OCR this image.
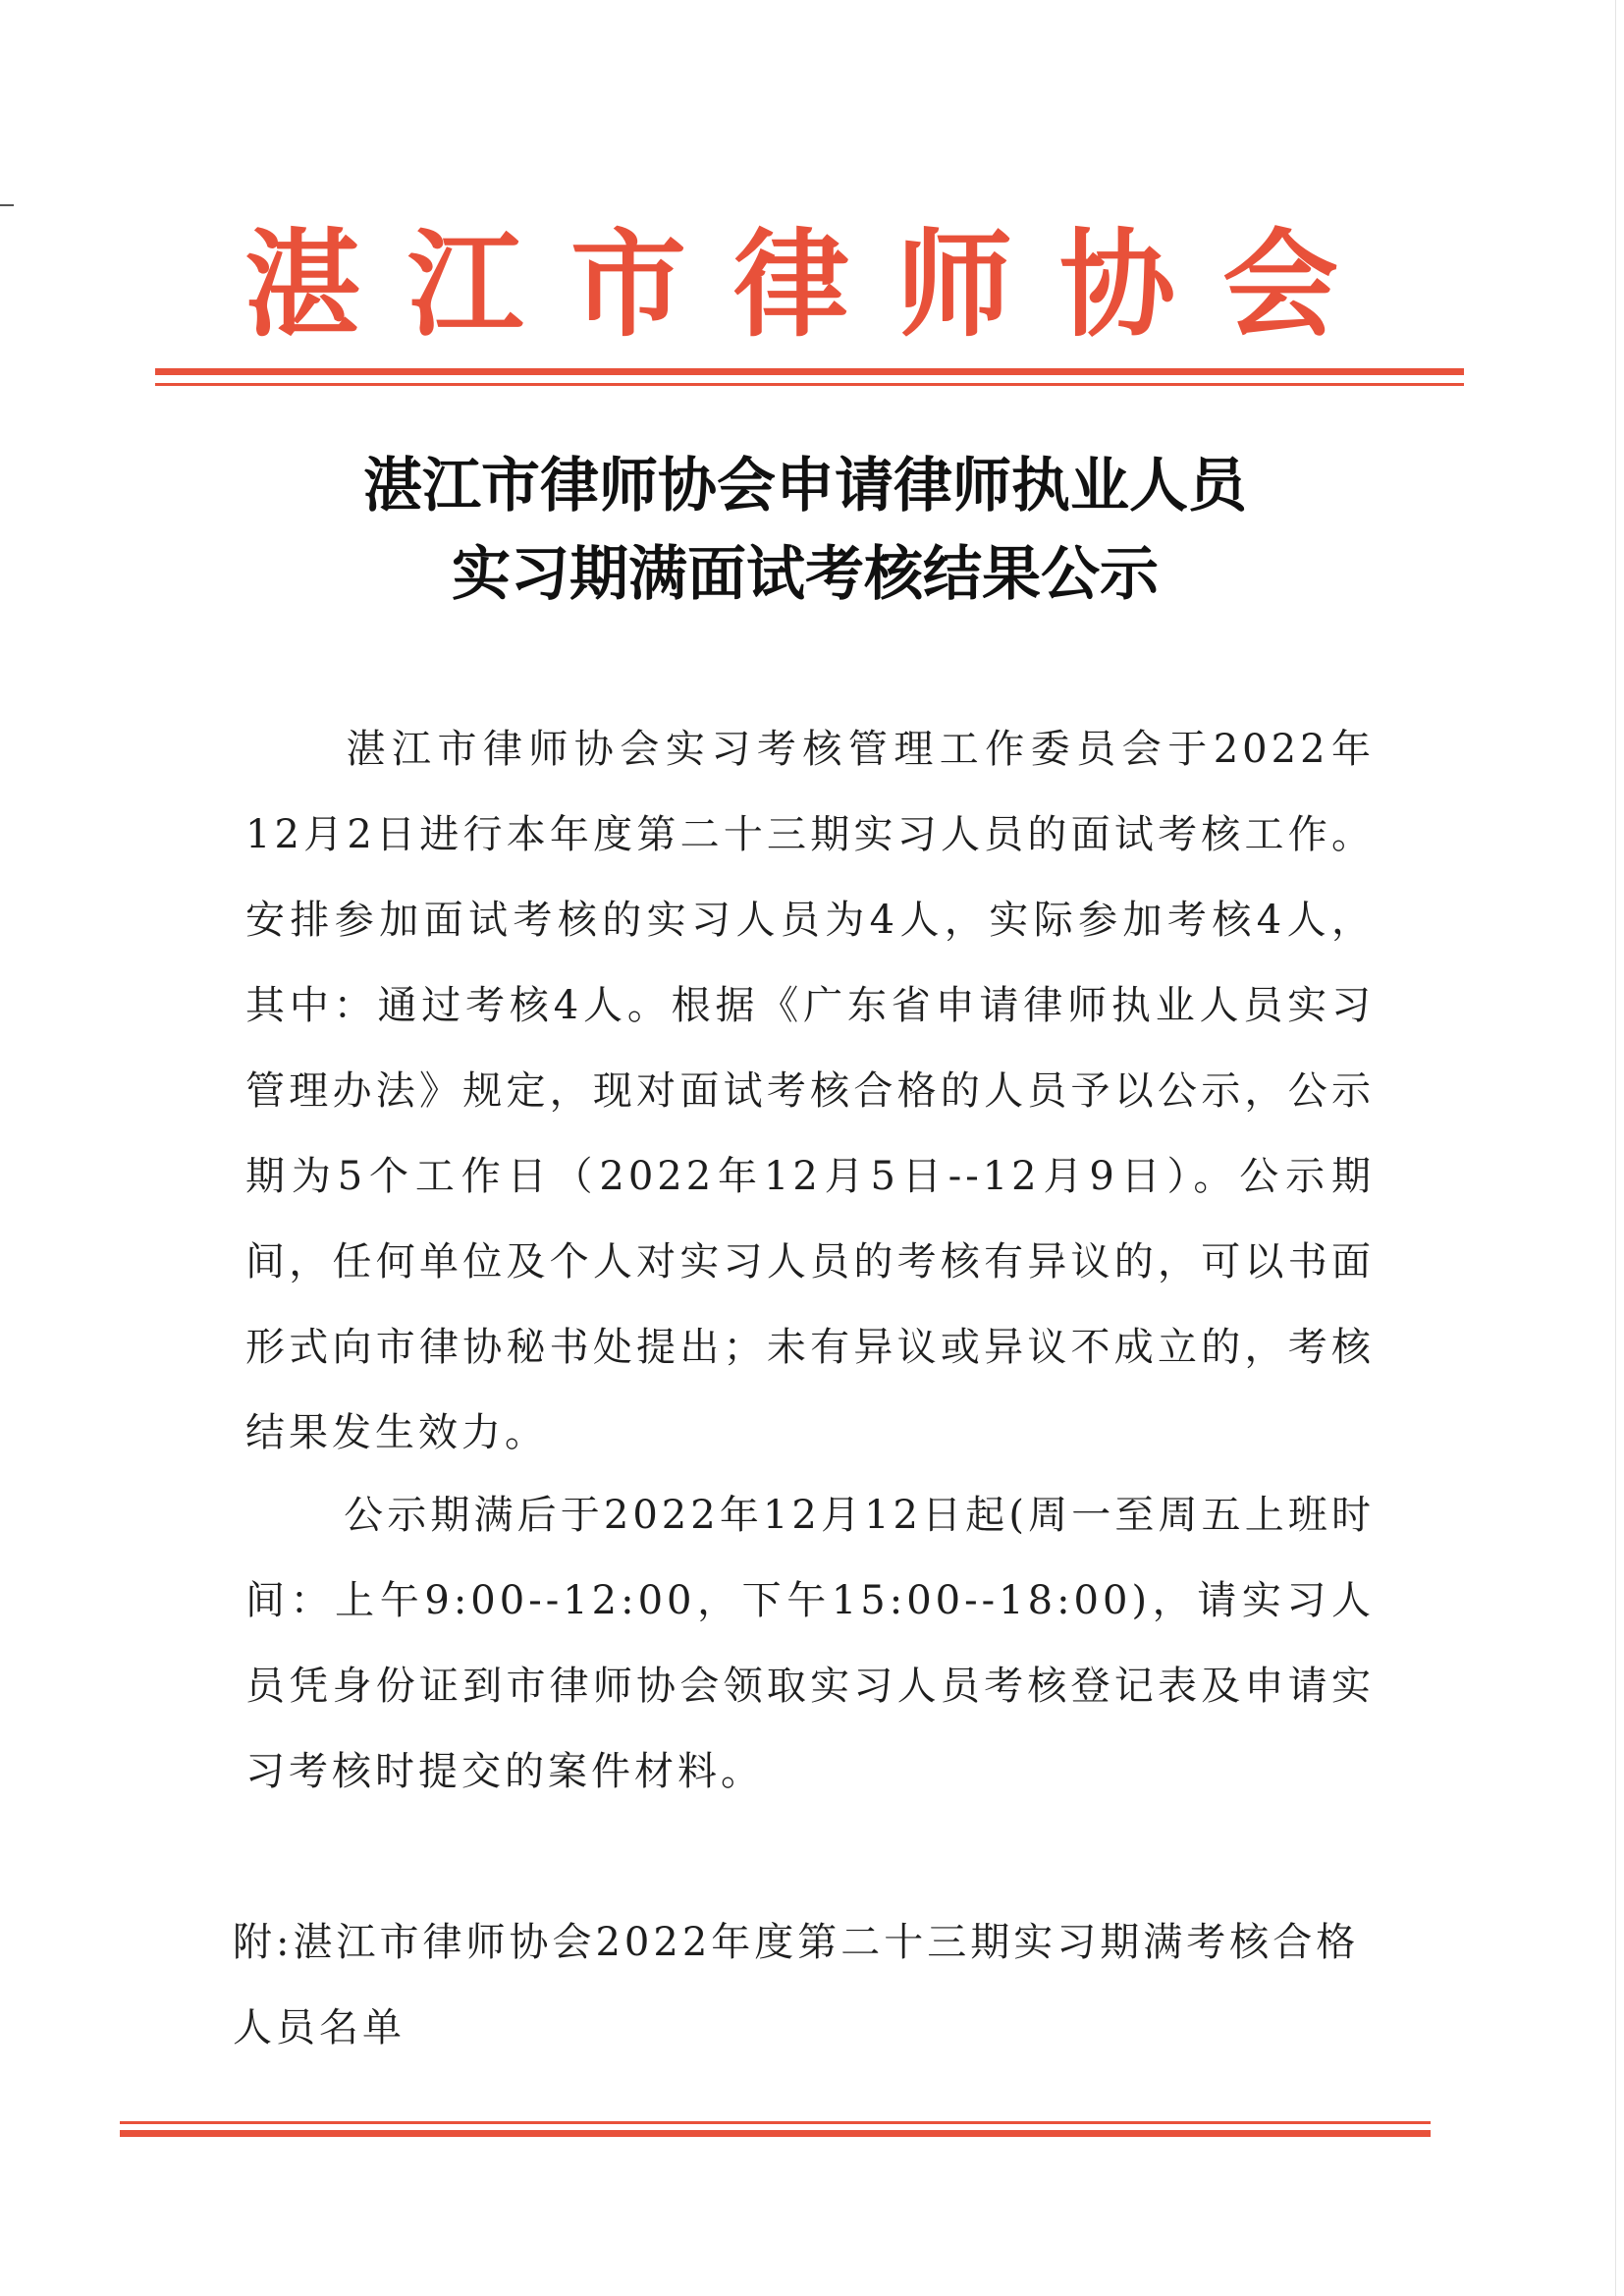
湛江市律师协会
湛江市律师协会申请律师执业人员
实习期满面试考核结果公示
湛江市律师协会实习考核管理工作委员会于2022年12月2日进行本年度第二十三期实习人员的面试考核工作。安排参加面试考核的实习人员为4人，实际参加考核4人，其中：通过考核4人。根据《广东省申请律师执业人员实习管理办法》规定，现对面试考核合格的人员予以公示，公示期为5个工作日（2022年12月5日--12月9日）。公示期间，任何单位及个人对实习人员的考核有异议的，可以书面形式向市律协秘书处提出；未有异议或异议不成立的，考核结果发生效力。
公示期满后于2022年12月12日起(周一至周五上班时间：上午9:00--12:00，下午15:00--18:00)，请实习人员凭身份证到市律师协会领取实习人员考核登记表及申请实习考核时提交的案件材料。
附:湛江市律师协会2022年度第二十三期实习期满考核合格人员名单
